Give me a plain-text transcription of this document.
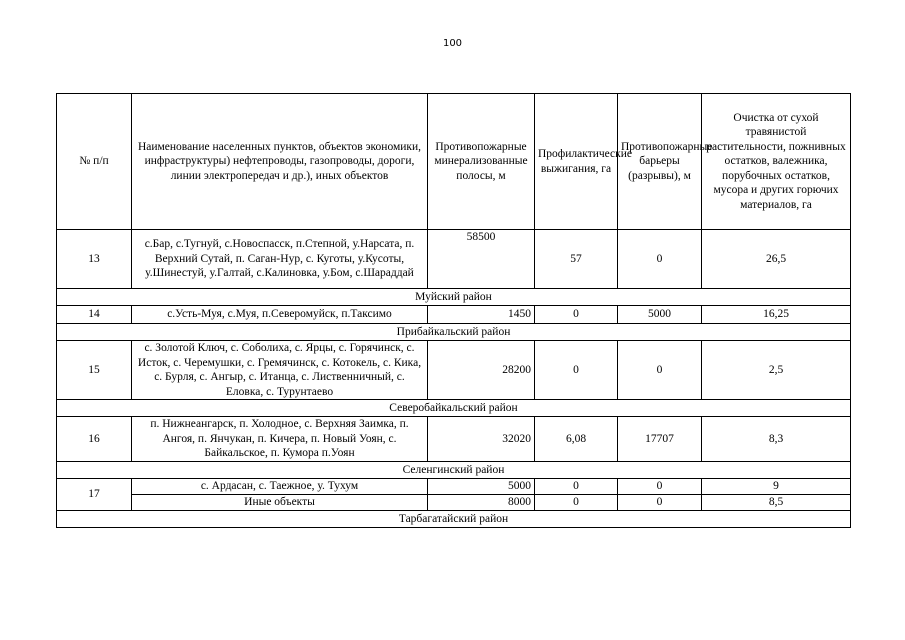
100
№ п/п	Наименование населенных пунктов, объектов экономики, инфраструктуры) нефтепроводы, газопроводы, дороги, линии электропередач и др.), иных объектов	Противопожарные минерализованные полосы, м	Профилактические выжигания, га	Противопожарные барьеры (разрывы), м	Очистка от сухой травянистой растительности, пожнивных остатков, валежника, порубочных остатков, мусора и других горючих материалов, га
13	с.Бар, с.Тугнуй, с.Новоспасск, п.Степной, у.Нарсата, п. Верхний Сутай, п. Саган-Нур, с. Куготы, у.Кусоты, у.Шинестуй, у.Галтай, с.Калиновка, у.Бом, с.Шараддай	58500	57	0	26,5
Муйский район					
14	с.Усть-Муя, с.Муя, п.Северомуйск, п.Таксимо	1450	0	5000	16,25
Прибайкальский район					
15	с. Золотой Ключ, с. Соболиха, с. Ярцы, с. Горячинск, с. Исток, с. Черемушки, с. Гремячинск, с. Котокель, с. Кика, с. Бурля, с. Ангыр, с. Итанца, с. Лиственничный, с. Еловка, с. Турунтаево	28200	0	0	2,5
Северобайкальский район					
16	п. Нижнеангарск, п. Холодное, с. Верхняя Заимка, п. Ангоя, п. Янчукан, п. Кичера, п. Новый Уоян, с. Байкальское, п. Кумора п.Уоян	32020	6,08	17707	8,3
Селенгинский район					
17	с. Ардасан, с. Таежное, у. Тухум	5000	0	0	9
	Иные объекты	8000	0	0	8,5
Тарбагатайский район					
